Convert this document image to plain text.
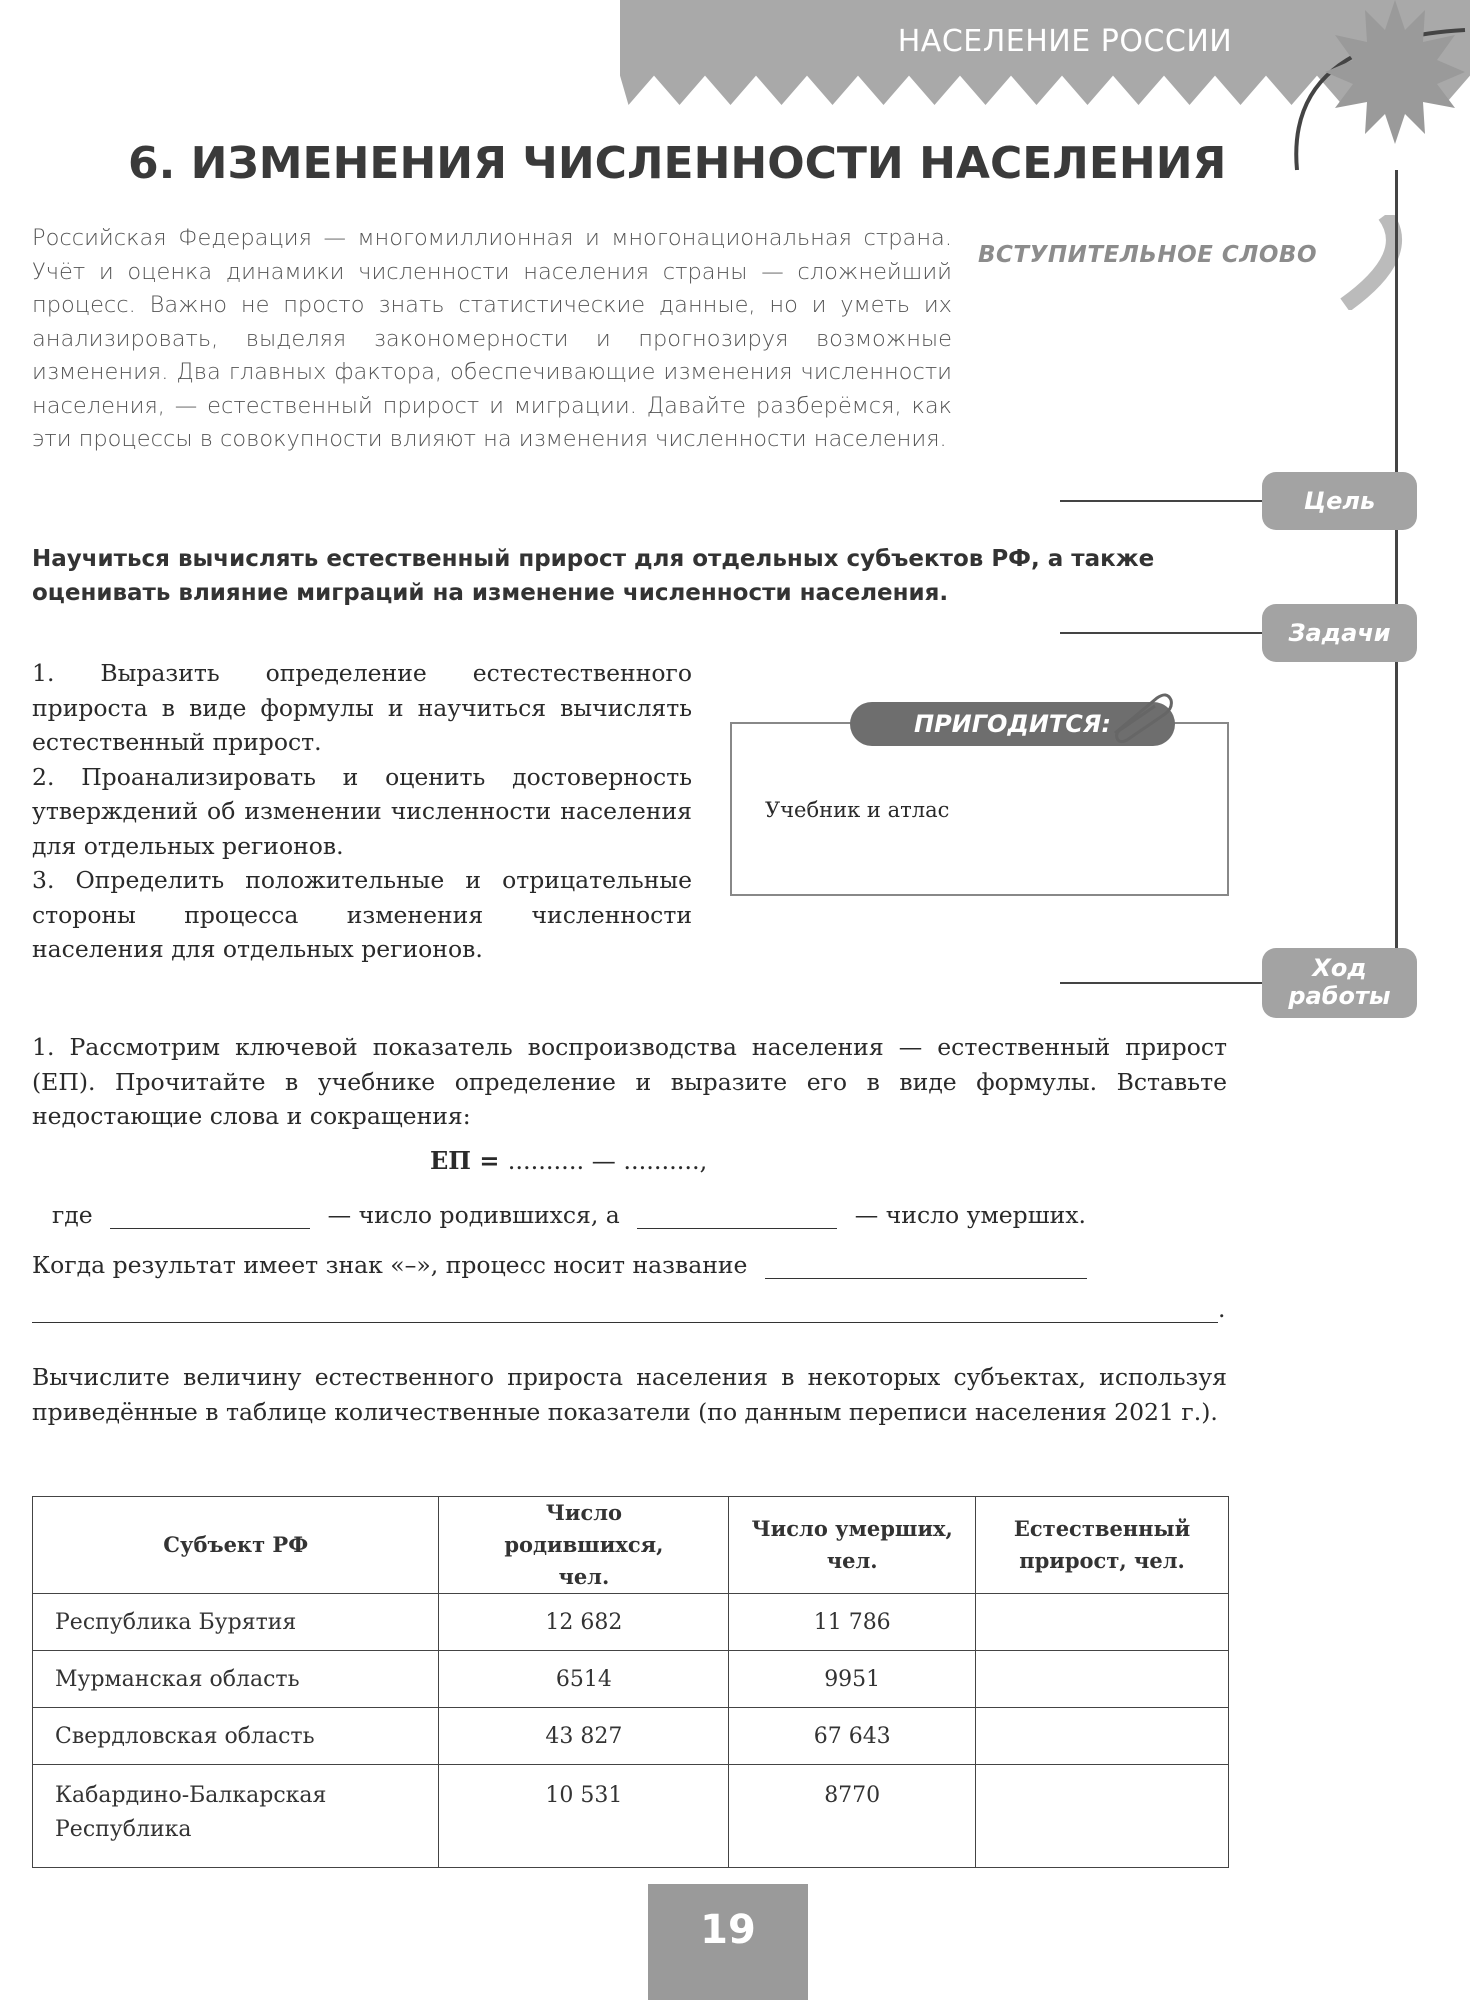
НАСЕЛЕНИЕ РОССИИ
6. ИЗМЕНЕНИЯ ЧИСЛЕННОСТИ НАСЕЛЕНИЯ
Российская Федерация — многомиллионная и многонациональная страна. Учёт и оценка динамики численности населения страны — сложнейший процесс. Важно не просто знать статистические данные, но и уметь их анализировать, выделяя закономерности и прогнозируя возможные изменения. Два главных фактора, обеспечивающие изменения численности населения, — естественный прирост и миграции. Давайте разберёмся, как эти процессы в совокупности влияют на изменения численности населения.
ВСТУПИТЕЛЬНОЕ СЛОВО
Цель
Задачи
Ход
работы
Научиться вычислять естественный прирост для отдельных субъектов РФ, а также оценивать влияние миграций на изменение численности населения.
1. Выразить определение естестественного прироста в виде формулы и научиться вычислять естественный прирост.
2. Проанализировать и оценить достоверность утверждений об изменении численности населения для отдельных регионов.
3. Определить положительные и отрицательные стороны процесса изменения численности населения для отдельных регионов.
ПРИГОДИТСЯ:
Учебник и атлас
1. Рассмотрим ключевой показатель воспроизводства населения — естественный прирост (ЕП). Прочитайте в учебнике определение и выразите его в виде формулы. Вставьте недостающие слова и сокращения:
ЕП = .......... — ..........,
где	— число родившихся, а	— число умерших.
Когда результат имеет знак «–», процесс носит название
.
Вычислите величину естественного прироста населения в некоторых субъектах, используя приведённые в таблице количественные показатели (по данным переписи населения 2021 г.).
Субъект РФ	Число родившихся, чел.	Число умерших, чел.	Естественный прирост, чел.
Республика Бурятия	12 682	11 786	
Мурманская область	6514	9951	
Свердловская область	43 827	67 643	
Кабардино-Балкарская Республика	10 531	8770	
19
